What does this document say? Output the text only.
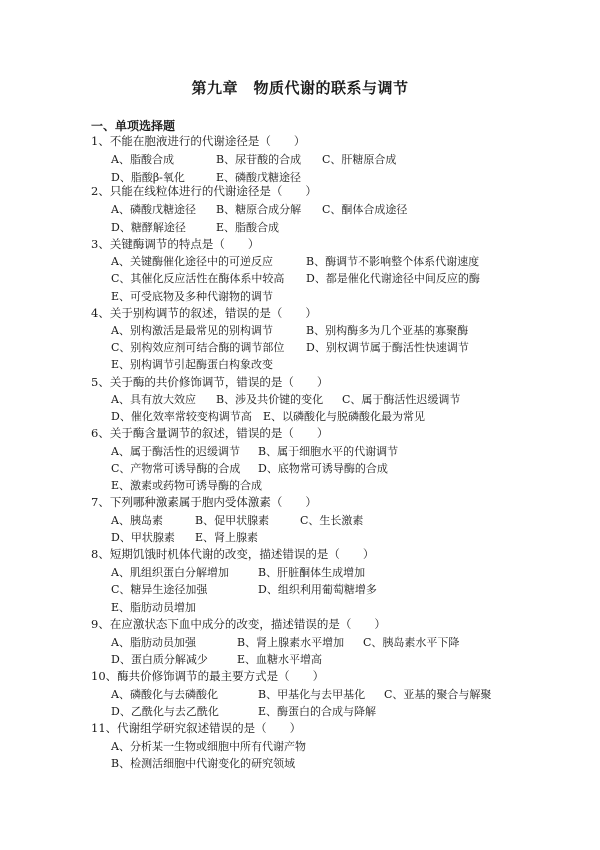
第九章　物质代谢的联系与调节
一、单项选择题
1、不能在胞液进行的代谢途径是（　　）
A、脂酸合成	B、尿苷酸的合成 C、肝糖原合成
D、脂酸β-氧化	E、磷酸戊糖途径
2、只能在线粒体进行的代谢途径是（　　）
A、磷酸戊糖途径 B、糖原合成分解 C、酮体合成途径
D、糖酵解途径	E、脂酸合成
3、关键酶调节的特点是（　　）
A、关键酶催化途径中的可逆反应	B、酶调节不影响整个体系代谢速度
C、其催化反应活性在酶体系中较高 D、都是催化代谢途径中间反应的酶
E、可受底物及多种代谢物的调节
4、关于别构调节的叙述，错误的是（　　）
A、别构激活是最常见的别构调节	B、别构酶多为几个亚基的寡聚酶
C、别构效应剂可结合酶的调节部位 D、别权调节属于酶活性快速调节
E、别构调节引起酶蛋白构象改变
5、关于酶的共价修饰调节，错误的是（　　）
A、具有放大效应 B、涉及共价键的变化 C、属于酶活性迟缓调节
D、催化效率常较变构调节高 E、以磷酸化与脱磷酸化最为常见
6、关于酶含量调节的叙述，错误的是（　　）
A、属于酶活性的迟缓调节 B、属于细胞水平的代谢调节
C、产物常可诱导酶的合成 D、底物常可诱导酶的合成
E、激素或药物可诱导酶的合成
7、下列哪种激素属于胞内受体激素（　　）
A、胰岛素	B、促甲状腺素	C、生长激素
D、甲状腺素 E、肾上腺素
8、短期饥饿时机体代谢的改变，描述错误的是（　　）
A、肌组织蛋白分解增加	B、肝脏酮体生成增加
C、糖异生途径加强	D、组织利用葡萄糖增多
E、脂肪动员增加
9、在应激状态下血中成分的改变，描述错误的是（　　）
A、脂肪动员加强	B、肾上腺素水平增加 C、胰岛素水平下降
D、蛋白质分解减少	E、血糖水平增高
10、酶共价修饰调节的最主要方式是（　　）
A、磷酸化与去磷酸化	B、甲基化与去甲基化 C、亚基的聚合与解聚
D、乙酰化与去乙酰化	E、酶蛋白的合成与降解
11、代谢组学研究叙述错误的是（　　）
A、分析某一生物或细胞中所有代谢产物
B、检测活细胞中代谢变化的研究领域
